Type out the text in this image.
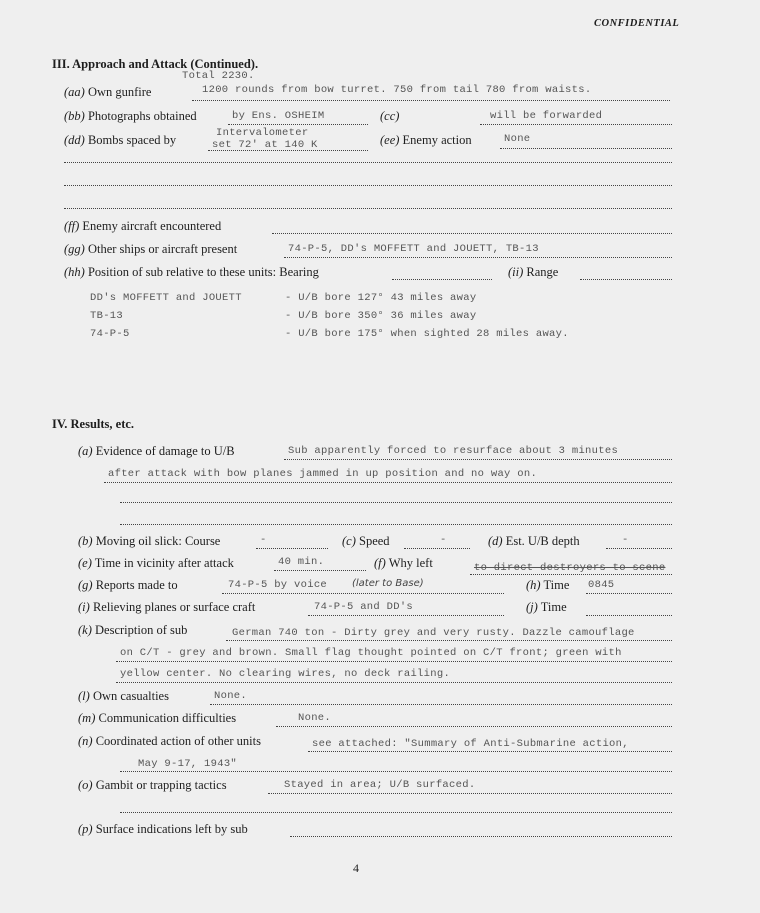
CONFIDENTIAL
III. Approach and Attack (Continued).
Total 2230.
(aa) Own gunfire	1200 rounds from bow turret. 750 from tail 780 from waists.
(bb) Photographs obtained	by Ens. OSHEIM	(cc)	will be forwarded
(dd) Bombs spaced by	Intervalometer
set 72' at 140 K	(ee) Enemy action	None
(ff) Enemy aircraft encountered
(gg) Other ships or aircraft present	74-P-5, DD's MOFFETT and JOUETT, TB-13
(hh) Position of sub relative to these units: Bearing	(ii) Range
DD's MOFFETT and JOUETT	- U/B bore 127° 43 miles away
TB-13	- U/B bore 350° 36 miles away
74-P-5	- U/B bore 175° when sighted 28 miles away.
IV. Results, etc.
(a) Evidence of damage to U/B	Sub apparently forced to resurface about 3 minutes
after attack with bow planes jammed in up position and no way on.
(b) Moving oil slick: Course	-	(c) Speed	-	(d) Est. U/B depth	-
(e) Time in vicinity after attack	40 min.	(f) Why left	to direct destroyers to scene
(g) Reports made to	74-P-5 by voice (later to Base)	(h) Time 0845
(i) Relieving planes or surface craft	74-P-5 and DD's	(j) Time
(k) Description of sub	German 740 ton - Dirty grey and very rusty. Dazzle camouflage
on C/T - grey and brown. Small flag thought pointed on C/T front; green with
yellow center. No clearing wires, no deck railing.
(l) Own casualties	None.
(m) Communication difficulties	None.
(n) Coordinated action of other units	see attached: "Summary of Anti-Submarine action,
May 9-17, 1943"
(o) Gambit or trapping tactics	Stayed in area; U/B surfaced.
(p) Surface indications left by sub
4
